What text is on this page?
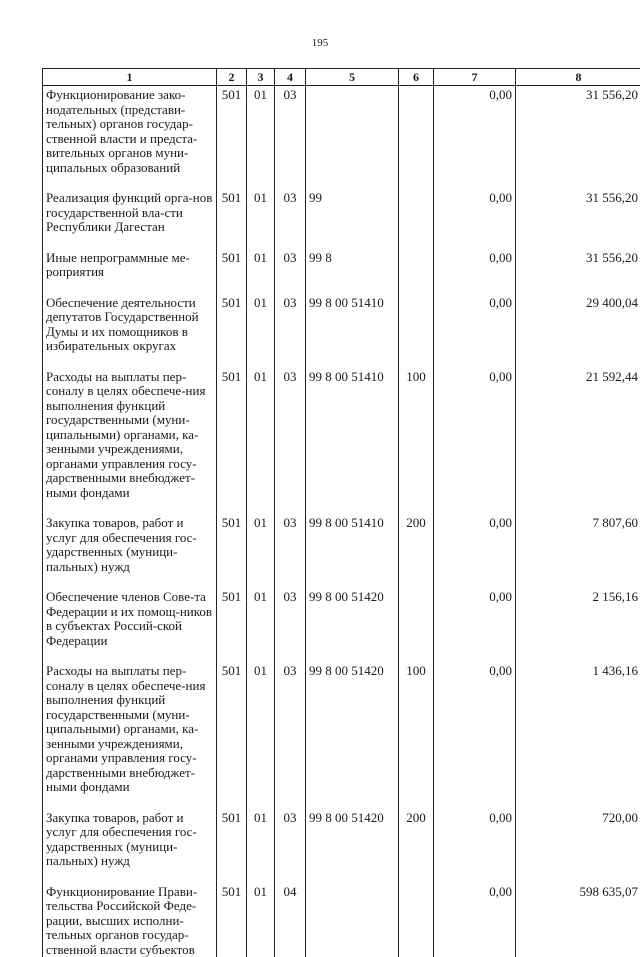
195
1	2	3	4	5	6	7	8
Функционирование зако-нодательных (представи-тельных) органов государ-ственной власти и предста-вительных органов муни-ципальных образований	501	01	03			0,00	31 556,20
Реализация функций орга-нов государственной вла-сти Республики Дагестан	501	01	03	99		0,00	31 556,20
Иные непрограммные ме-роприятия	501	01	03	99 8		0,00	31 556,20
Обеспечение деятельности депутатов Государственной Думы и их помощников в избирательных округах	501	01	03	99 8 00 51410		0,00	29 400,04
Расходы на выплаты пер-соналу в целях обеспече-ния выполнения функций государственными (муни-ципальными) органами, ка-зенными учреждениями, органами управления госу-дарственными внебюджет-ными фондами	501	01	03	99 8 00 51410	100	0,00	21 592,44
Закупка товаров, работ и услуг для обеспечения гос-ударственных (муници-пальных) нужд	501	01	03	99 8 00 51410	200	0,00	7 807,60
Обеспечение членов Сове-та Федерации и их помощ-ников в субъектах Россий-ской Федерации	501	01	03	99 8 00 51420		0,00	2 156,16
Расходы на выплаты пер-соналу в целях обеспече-ния выполнения функций государственными (муни-ципальными) органами, ка-зенными учреждениями, органами управления госу-дарственными внебюджет-ными фондами	501	01	03	99 8 00 51420	100	0,00	1 436,16
Закупка товаров, работ и услуг для обеспечения гос-ударственных (муници-пальных) нужд	501	01	03	99 8 00 51420	200	0,00	720,00
Функционирование Прави-тельства Российской Феде-рации, высших исполни-тельных органов государ-ственной власти субъектов	501	01	04			0,00	598 635,07
